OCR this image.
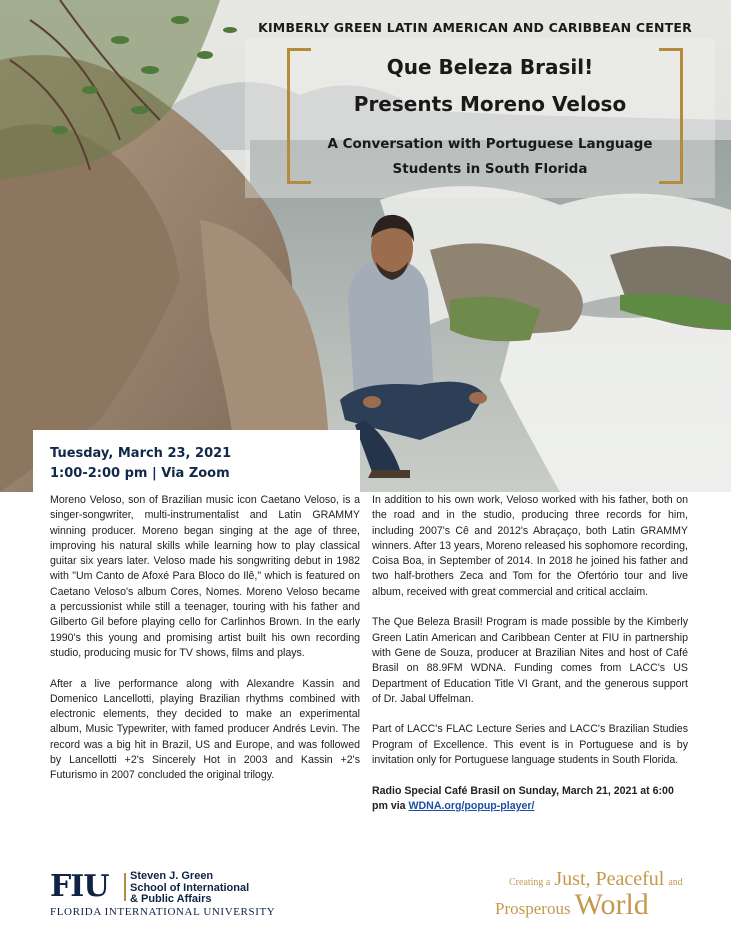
KIMBERLY GREEN LATIN AMERICAN AND CARIBBEAN CENTER
Que Beleza Brasil!
Presents Moreno Veloso
A Conversation with Portuguese Language
Students in South Florida
Tuesday, March 23, 2021
1:00-2:00 pm | Via Zoom

Moreno Veloso, son of Brazilian music icon Caetano Veloso, is a singer-songwriter, multi-instrumentalist and Latin GRAMMY winning producer. Moreno began singing at the age of three, improving his natural skills while learning how to play classical guitar six years later. Veloso made his songwriting debut in 1982 with "Um Canto de Afoxé Para Bloco do Ilê," which is featured on Caetano Veloso's album Cores, Nomes. Moreno Veloso became a percussionist while still a teenager, touring with his father and Gilberto Gil before playing cello for Carlinhos Brown. In the early 1990's this young and promising artist built his own recording studio, producing music for TV shows, films and plays.

After a live performance along with Alexandre Kassin and Domenico Lancellotti, playing Brazilian rhythms combined with electronic elements, they decided to make an experimental album, Music Typewriter, with famed producer Andrés Levin. The record was a big hit in Brazil, US and Europe, and was followed by Lancellotti +2's Sincerely Hot in 2003 and Kassin +2's Futurismo in 2007 concluded the original trilogy.

In addition to his own work, Veloso worked with his father, both on the road and in the studio, producing three records for him, including 2007's Cê and 2012's Abraçaço, both Latin GRAMMY winners. After 13 years, Moreno released his sophomore recording, Coisa Boa, in September of 2014. In 2018 he joined his father and two half-brothers Zeca and Tom for the Ofertório tour and live album, received with great commercial and critical acclaim.

The Que Beleza Brasil! Program is made possible by the Kimberly Green Latin American and Caribbean Center at FIU in partnership with Gene de Souza, producer at Brazilian Nites and host of Café Brasil on 88.9FM WDNA. Funding comes from LACC's US Department of Education Title VI Grant, and the generous support of Dr. Jabal Uffelman.

Part of LACC's FLAC Lecture Series and LACC's Brazilian Studies Program of Excellence. This event is in Portuguese and is by invitation only for Portuguese language students in South Florida.

Radio Special Café Brasil on Sunday, March 21, 2021 at 6:00 pm via WDNA.org/popup-player/

FIU Steven J. Green
School of International
& Public Affairs
FLORIDA INTERNATIONAL UNIVERSITY
Creating a Just, Peaceful and
Prosperous World
